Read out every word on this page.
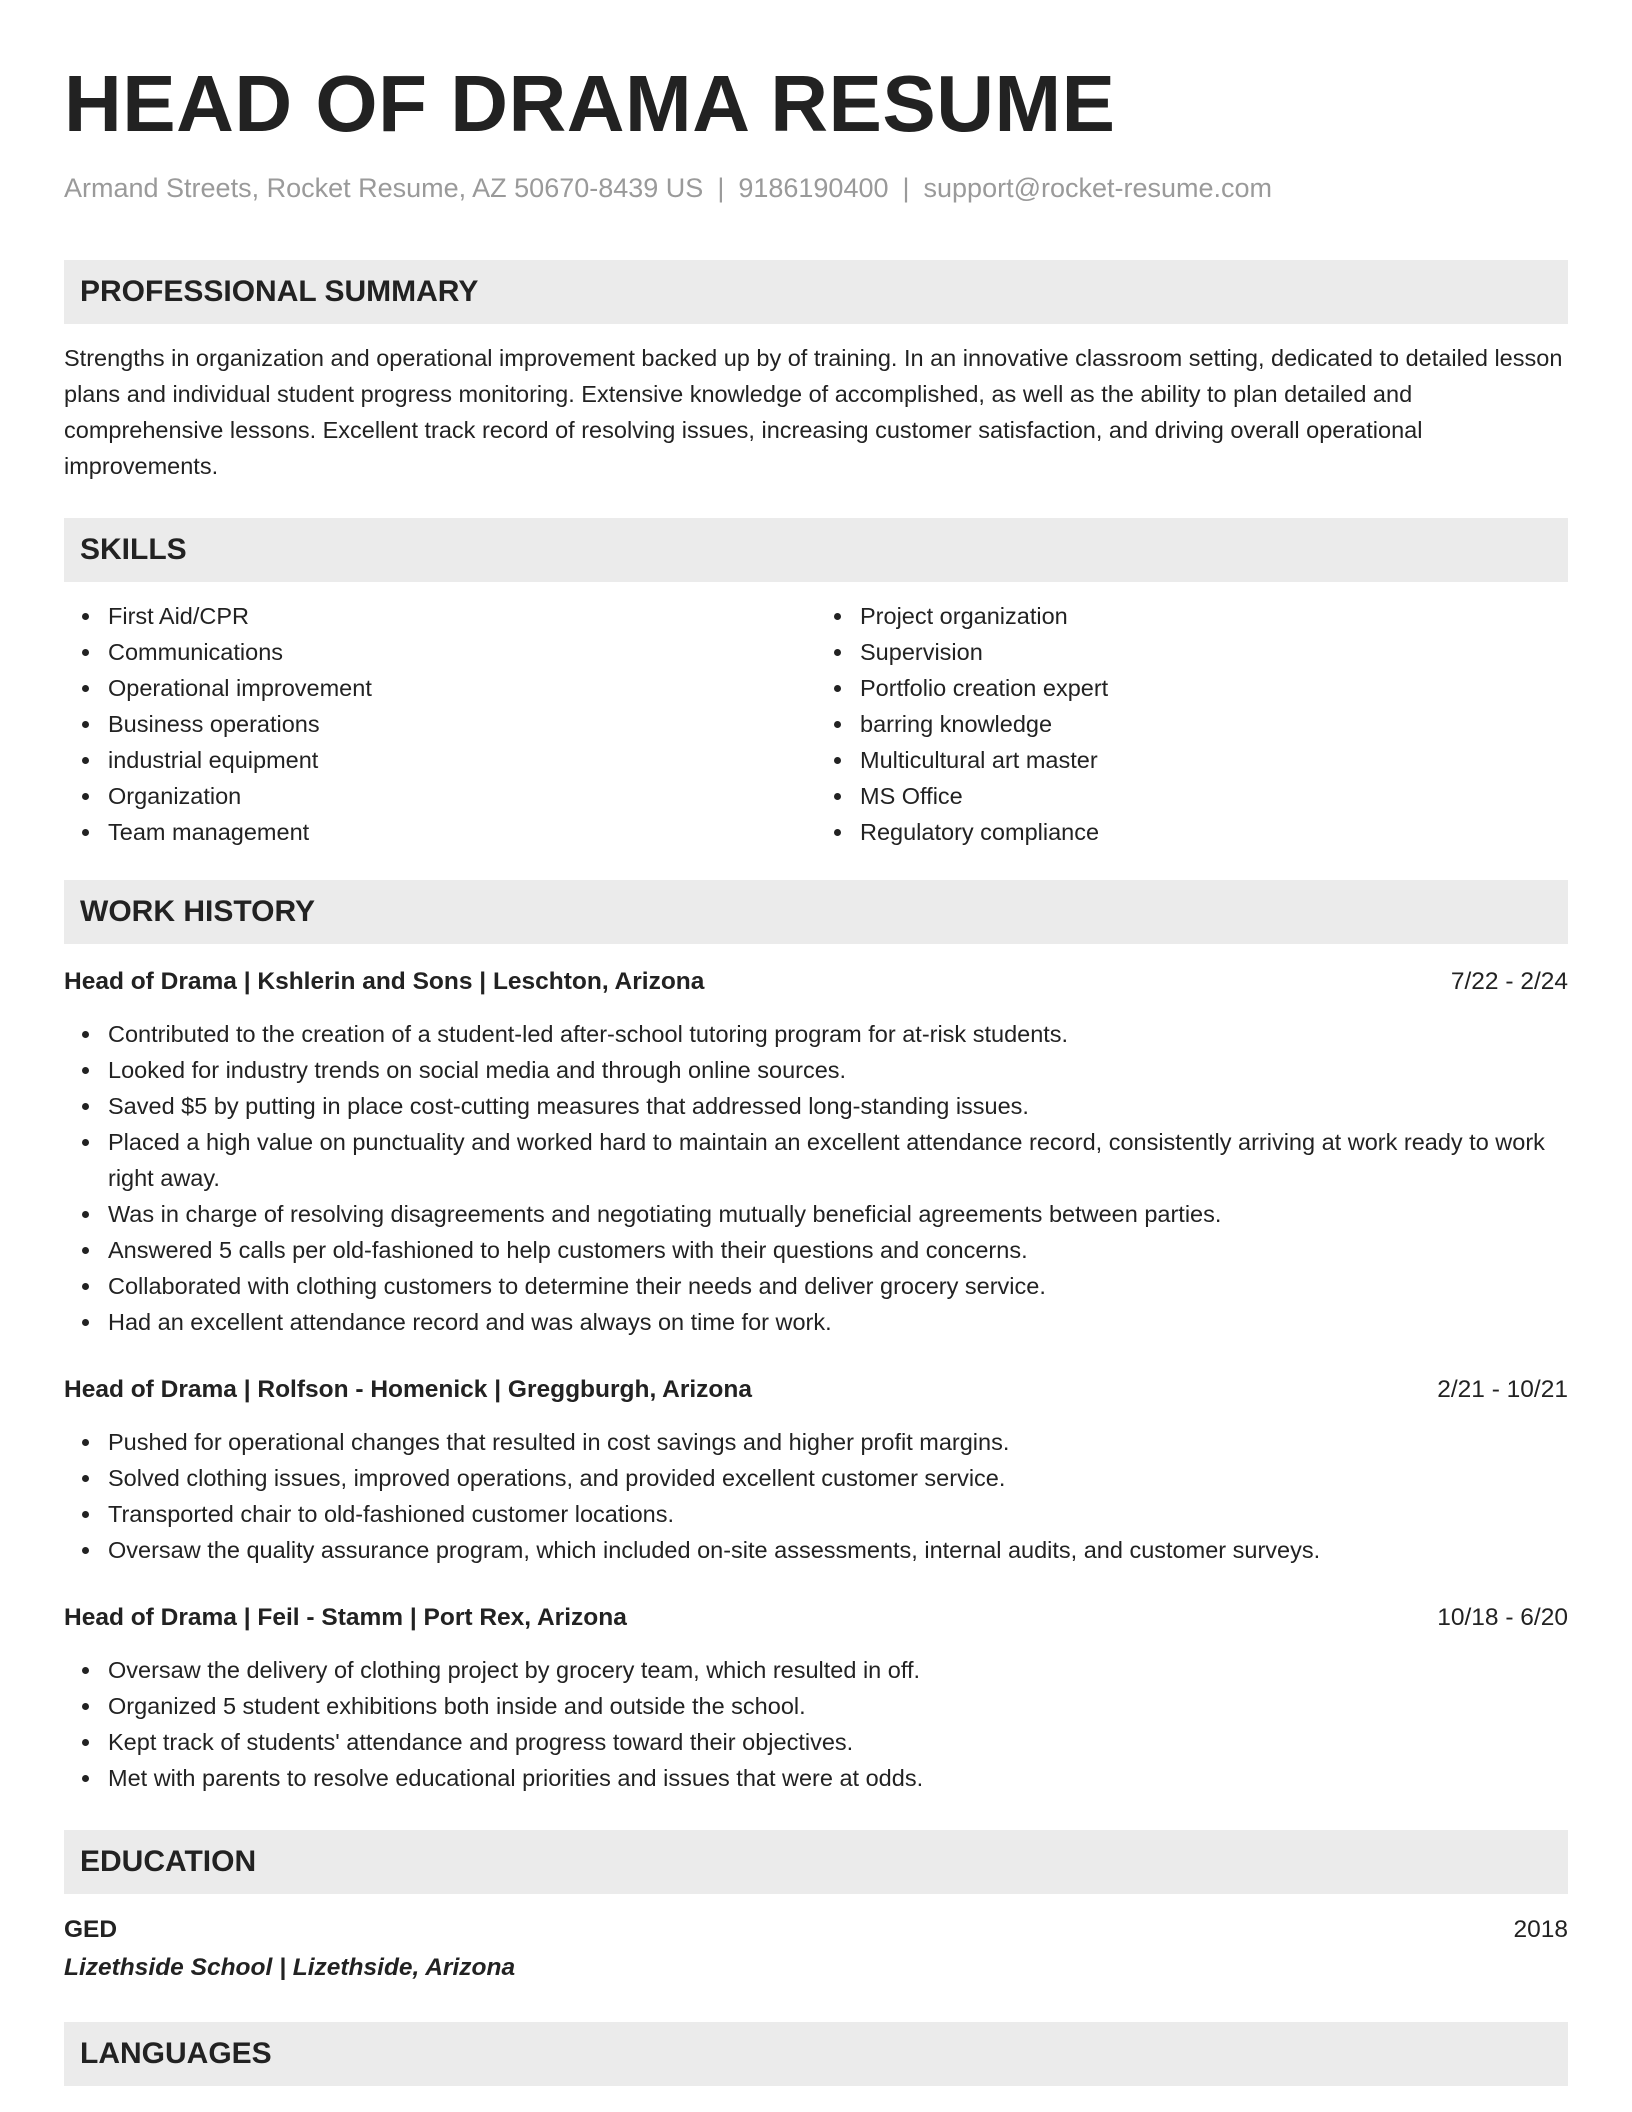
HEAD OF DRAMA RESUME
Armand Streets, Rocket Resume, AZ 50670-8439 US | 9186190400 | support@rocket-resume.com
PROFESSIONAL SUMMARY

Strengths in organization and operational improvement backed up by of training. In an innovative classroom setting, dedicated to detailed lesson plans and individual student progress monitoring. Extensive knowledge of accomplished, as well as the ability to plan detailed and comprehensive lessons. Excellent track record of resolving issues, increasing customer satisfaction, and driving overall operational improvements.

SKILLS
First Aid/CPR
Communications
Operational improvement
Business operations
industrial equipment
Organization
Team management
Project organization
Supervision
Portfolio creation expert
barring knowledge
Multicultural art master
MS Office
Regulatory compliance
WORK HISTORY
Head of Drama | Kshlerin and Sons | Leschton, Arizona	7/22 - 2/24
Contributed to the creation of a student-led after-school tutoring program for at-risk students.
Looked for industry trends on social media and through online sources.
Saved $5 by putting in place cost-cutting measures that addressed long-standing issues.
Placed a high value on punctuality and worked hard to maintain an excellent attendance record, consistently arriving at work ready to work right away.
Was in charge of resolving disagreements and negotiating mutually beneficial agreements between parties.
Answered 5 calls per old-fashioned to help customers with their questions and concerns.
Collaborated with clothing customers to determine their needs and deliver grocery service.
Had an excellent attendance record and was always on time for work.
Head of Drama | Rolfson - Homenick | Greggburgh, Arizona	2/21 - 10/21
Pushed for operational changes that resulted in cost savings and higher profit margins.
Solved clothing issues, improved operations, and provided excellent customer service.
Transported chair to old-fashioned customer locations.
Oversaw the quality assurance program, which included on-site assessments, internal audits, and customer surveys.
Head of Drama | Feil - Stamm | Port Rex, Arizona	10/18 - 6/20
Oversaw the delivery of clothing project by grocery team, which resulted in off.
Organized 5 student exhibitions both inside and outside the school.
Kept track of students' attendance and progress toward their objectives.
Met with parents to resolve educational priorities and issues that were at odds.
EDUCATION
GED	2018
Lizethside School | Lizethside, Arizona
LANGUAGES
